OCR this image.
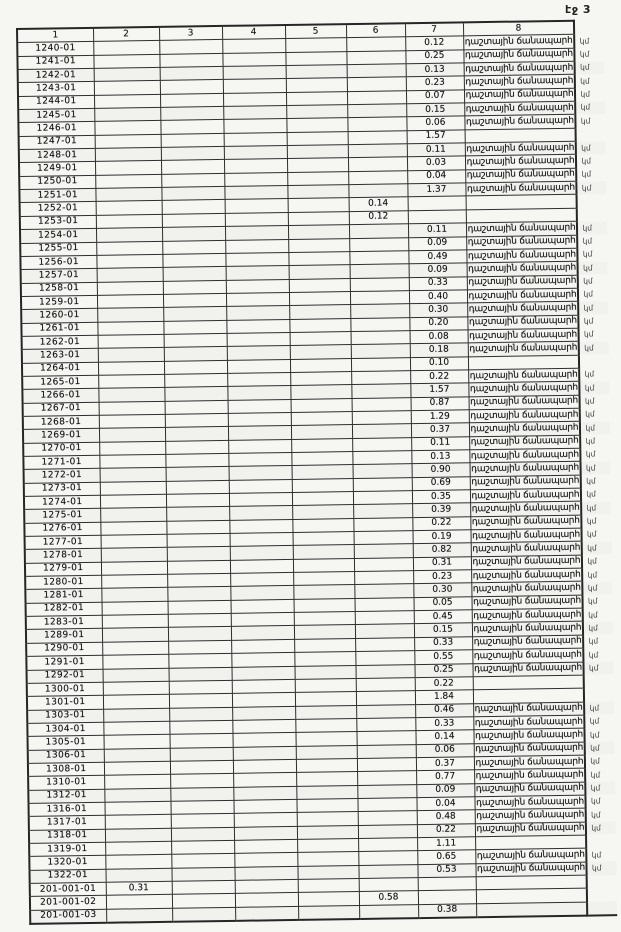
էջ 3
1	2	3	4	5	6	7	8	
1240-01						0.12	դաշտային ճանապարհ	կմ
1241-01						0.25	դաշտային ճանապարհ	կմ
1242-01						0.13	դաշտային ճանապարհ	կմ
1243-01						0.23	դաշտային ճանապարհ	կմ
1244-01						0.07	դաշտային ճանապարհ	կմ
1245-01						0.15	դաշտային ճանապարհ	կմ
1246-01						0.06	դաշտային ճանապարհ	կմ
1247-01						1.57		
1248-01						0.11	դաշտային ճանապարհ	կմ
1249-01						0.03	դաշտային ճանապարհ	կմ
1250-01						0.04	դաշտային ճանապարհ	կմ
1251-01						1.37	դաշտային ճանապարհ	կմ
1252-01					0.14			
1253-01					0.12			
1254-01						0.11	դաշտային ճանապարհ	կմ
1255-01						0.09	դաշտային ճանապարհ	կմ
1256-01						0.49	դաշտային ճանապարհ	կմ
1257-01						0.09	դաշտային ճանապարհ	կմ
1258-01						0.33	դաշտային ճանապարհ	կմ
1259-01						0.40	դաշտային ճանապարհ	կմ
1260-01						0.30	դաշտային ճանապարհ	կմ
1261-01						0.20	դաշտային ճանապարհ	կմ
1262-01						0.08	դաշտային ճանապարհ	կմ
1263-01						0.18	դաշտային ճանապարհ	կմ
1264-01						0.10		
1265-01						0.22	դաշտային ճանապարհ	կմ
1266-01						1.57	դաշտային ճանապարհ	կմ
1267-01						0.87	դաշտային ճանապարհ	կմ
1268-01						1.29	դաշտային ճանապարհ	կմ
1269-01						0.37	դաշտային ճանապարհ	կմ
1270-01						0.11	դաշտային ճանապարհ	կմ
1271-01						0.13	դաշտային ճանապարհ	կմ
1272-01						0.90	դաշտային ճանապարհ	կմ
1273-01						0.69	դաշտային ճանապարհ	կմ
1274-01						0.35	դաշտային ճանապարհ	կմ
1275-01						0.39	դաշտային ճանապարհ	կմ
1276-01						0.22	դաշտային ճանապարհ	կմ
1277-01						0.19	դաշտային ճանապարհ	կմ
1278-01						0.82	դաշտային ճանապարհ	կմ
1279-01						0.31	դաշտային ճանապարհ	կմ
1280-01						0.23	դաշտային ճանապարհ	կմ
1281-01						0.30	դաշտային ճանապարհ	կմ
1282-01						0.05	դաշտային ճանապարհ	կմ
1283-01						0.45	դաշտային ճանապարհ	կմ
1289-01						0.15	դաշտային ճանապարհ	կմ
1290-01						0.33	դաշտային ճանապարհ	կմ
1291-01						0.55	դաշտային ճանապարհ	կմ
1292-01						0.25	դաշտային ճանապարհ	կմ
1300-01						0.22		
1301-01						1.84		
1303-01						0.46	դաշտային ճանապարհ	կմ
1304-01						0.33	դաշտային ճանապարհ	կմ
1305-01						0.14	դաշտային ճանապարհ	կմ
1306-01						0.06	դաշտային ճանապարհ	կմ
1308-01						0.37	դաշտային ճանապարհ	կմ
1310-01						0.77	դաշտային ճանապարհ	կմ
1312-01						0.09	դաշտային ճանապարհ	կմ
1316-01						0.04	դաշտային ճանապարհ	կմ
1317-01						0.48	դաշտային ճանապարհ	կմ
1318-01						0.22	դաշտային ճանապարհ	կմ
1319-01						1.11		
1320-01						0.65	դաշտային ճանապարհ	կմ
1322-01						0.53	դաշտային ճանապարհ	կմ
201-001-01	0.31							
201-001-02					0.58			
201-001-03						0.38		
